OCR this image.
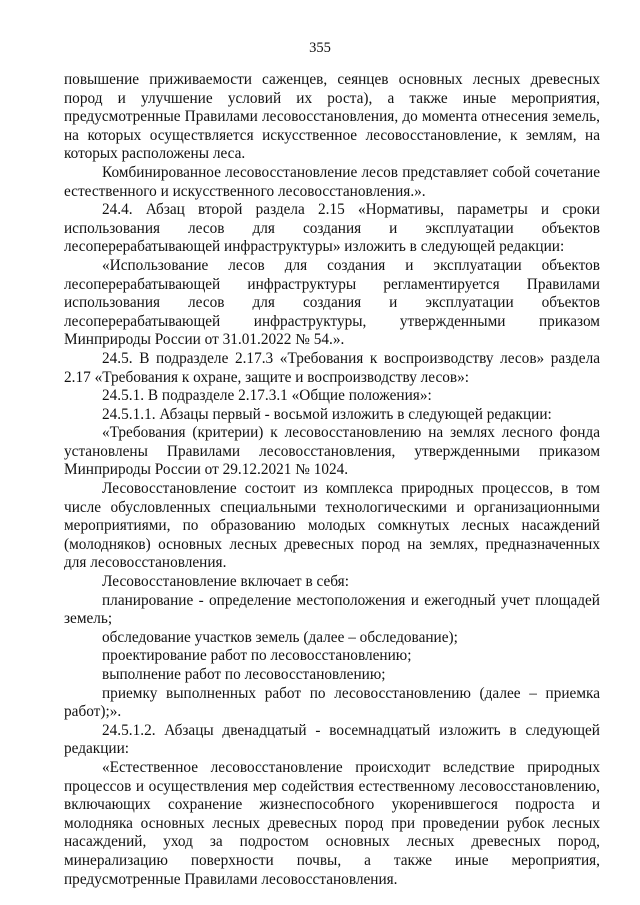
355

повышение приживаемости саженцев, сеянцев основных лесных древесных пород и улучшение условий их роста), а также иные мероприятия, предусмотренные Правилами лесовосстановления, до момента отнесения земель, на которых осуществляется искусственное лесовосстановление, к землям, на которых расположены леса.

Комбинированное лесовосстановление лесов представляет собой сочетание естественного и искусственного лесовосстановления.».

24.4. Абзац второй раздела 2.15 «Нормативы, параметры и сроки использования лесов для создания и эксплуатации объектов лесоперерабатывающей инфраструктуры» изложить в следующей редакции:

«Использование лесов для создания и эксплуатации объектов лесоперерабатывающей инфраструктуры регламентируется Правилами использования лесов для создания и эксплуатации объектов лесоперерабатывающей инфраструктуры, утвержденными приказом Минприроды России от 31.01.2022 № 54.».

24.5. В подразделе 2.17.3 «Требования к воспроизводству лесов» раздела 2.17 «Требования к охране, защите и воспроизводству лесов»:

24.5.1. В подразделе 2.17.3.1 «Общие положения»:

24.5.1.1. Абзацы первый - восьмой изложить в следующей редакции:

«Требования (критерии) к лесовосстановлению на землях лесного фонда установлены Правилами лесовосстановления, утвержденными приказом Минприроды России от 29.12.2021 № 1024.

Лесовосстановление состоит из комплекса природных процессов, в том числе обусловленных специальными технологическими и организационными мероприятиями, по образованию молодых сомкнутых лесных насаждений (молодняков) основных лесных древесных пород на землях, предназначенных для лесовосстановления.

Лесовосстановление включает в себя:

планирование - определение местоположения и ежегодный учет площадей земель;

обследование участков земель (далее – обследование);

проектирование работ по лесовосстановлению;

выполнение работ по лесовосстановлению;

приемку выполненных работ по лесовосстановлению (далее – приемка работ);».

24.5.1.2. Абзацы двенадцатый - восемнадцатый изложить в следующей редакции:

«Естественное лесовосстановление происходит вследствие природных процессов и осуществления мер содействия естественному лесовосстановлению, включающих сохранение жизнеспособного укоренившегося подроста и молодняка основных лесных древесных пород при проведении рубок лесных насаждений, уход за подростом основных лесных древесных пород, минерализацию поверхности почвы, а также иные мероприятия, предусмотренные Правилами лесовосстановления.
